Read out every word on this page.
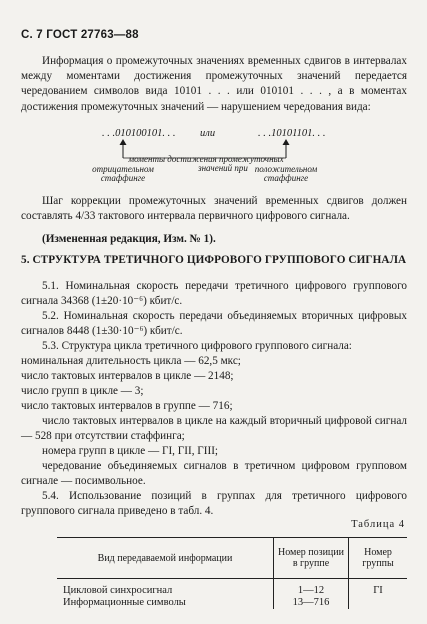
С. 7 ГОСТ 27763—88
Информация о промежуточных значениях временных сдвигов в интервалах между моментами достижения промежуточных значений передается чередованием символов вида 10101 . . . или 010101 . . . , а в моментах достижения промежуточных значений — нарушением чередования вида:
. . .010100101. . . или	. . .10101101. . .
моменты достижения промежуточных
значений при
отрицательном
стаффинге
положительном
стаффинге
Шаг коррекции промежуточных значений временных сдвигов должен составлять 4/33 тактового интервала первичного цифрового сигнала.
(Измененная редакция, Изм. № 1).
5. СТРУКТУРА ТРЕТИЧНОГО ЦИФРОВОГО ГРУППОВОГО СИГНАЛА
5.1. Номинальная скорость передачи третичного цифрового группового сигнала 34368 (1±20·10⁻⁶) кбит/с.
5.2. Номинальная скорость передачи объединяемых вторичных цифровых сигналов 8448 (1±30·10⁻⁶) кбит/с.
5.3. Структура цикла третичного цифрового группового сигнала:
номинальная длительность цикла — 62,5 мкс;
число тактовых интервалов в цикле — 2148;
число групп в цикле — 3;
число тактовых интервалов в группе — 716;
число тактовых интервалов в цикле на каждый вторичный цифровой сигнал — 528 при отсутствии стаффинга;
номера групп в цикле — ГI, ГII, ГIII;
чередование объединяемых сигналов в третичном цифровом групповом сигнале — посимвольное.
5.4. Использование позиций в группах для третичного цифрового группового сигнала приведено в табл. 4.
Таблица 4
Вид передаваемой информации	Номер позиции в группе	Номер группы
Цикловой синхросигнал	1—12	ГI
Информационные символы	13—716	
